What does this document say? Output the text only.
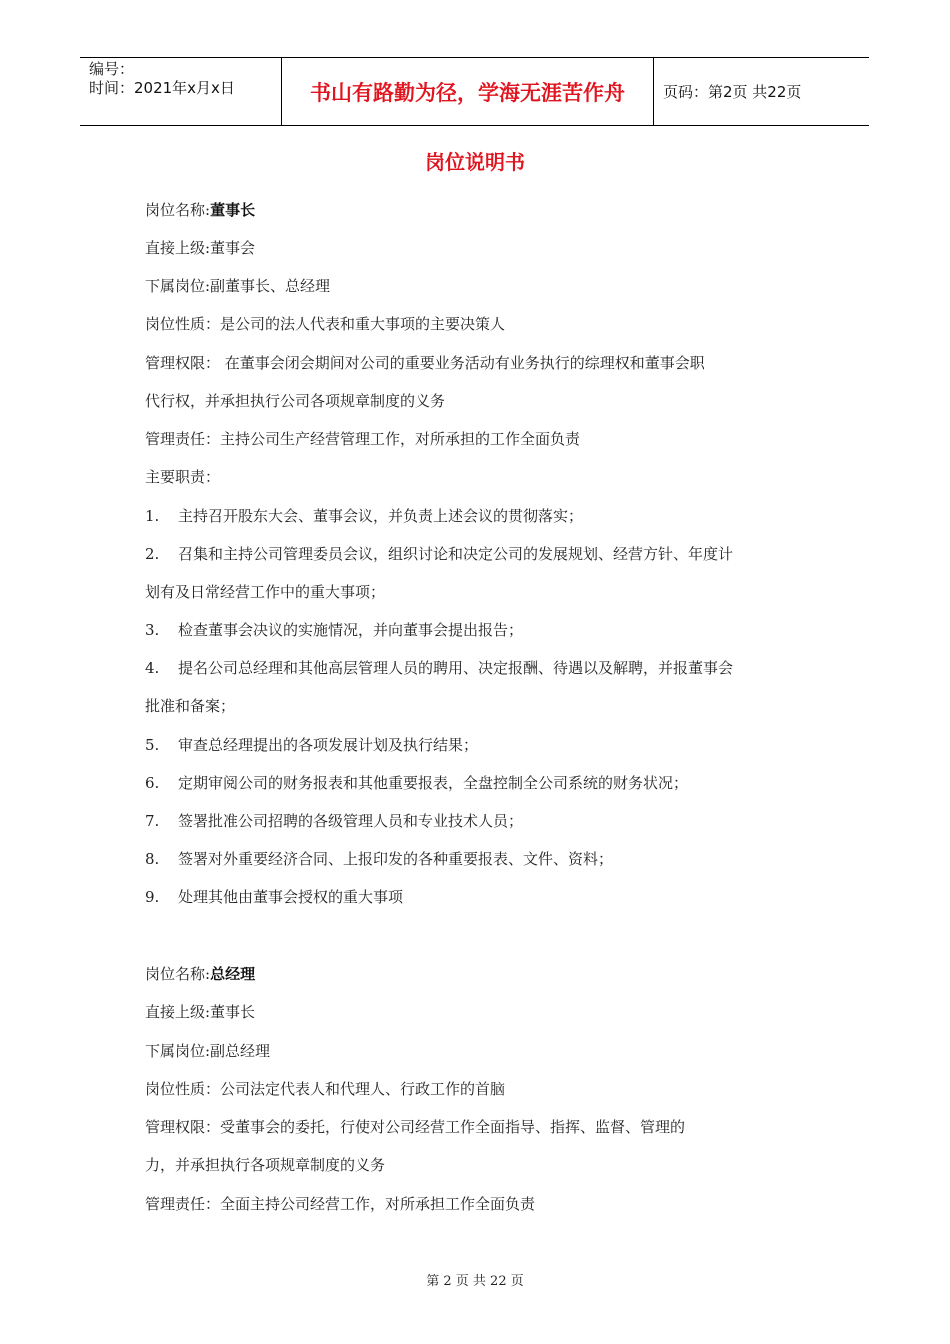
编号：
时间：2021年x月x日	书山有路勤为径，学海无涯苦作舟	页码：第2页 共22页
岗位说明书
岗位名称:董事长
直接上级:董事会
下属岗位:副董事长、总经理
岗位性质：是公司的法人代表和重大事项的主要决策人
管理权限： 在董事会闭会期间对公司的重要业务活动有业务执行的综理权和董事会职
代行权，并承担执行公司各项规章制度的义务
管理责任：主持公司生产经营管理工作，对所承担的工作全面负责
主要职责：
1. 主持召开股东大会、董事会议，并负责上述会议的贯彻落实；
2. 召集和主持公司管理委员会议，组织讨论和决定公司的发展规划、经营方针、年度计
划有及日常经营工作中的重大事项；
3. 检查董事会决议的实施情况，并向董事会提出报告；
4. 提名公司总经理和其他高层管理人员的聘用、决定报酬、待遇以及解聘，并报董事会
批准和备案；
5. 审查总经理提出的各项发展计划及执行结果；
6. 定期审阅公司的财务报表和其他重要报表，全盘控制全公司系统的财务状况；
7. 签署批准公司招聘的各级管理人员和专业技术人员；
8. 签署对外重要经济合同、上报印发的各种重要报表、文件、资料；
9. 处理其他由董事会授权的重大事项
岗位名称:总经理
直接上级:董事长
下属岗位:副总经理
岗位性质：公司法定代表人和代理人、行政工作的首脑
管理权限：受董事会的委托，行使对公司经营工作全面指导、指挥、监督、管理的
力，并承担执行各项规章制度的义务
管理责任：全面主持公司经营工作，对所承担工作全面负责
第 2 页 共 22 页
